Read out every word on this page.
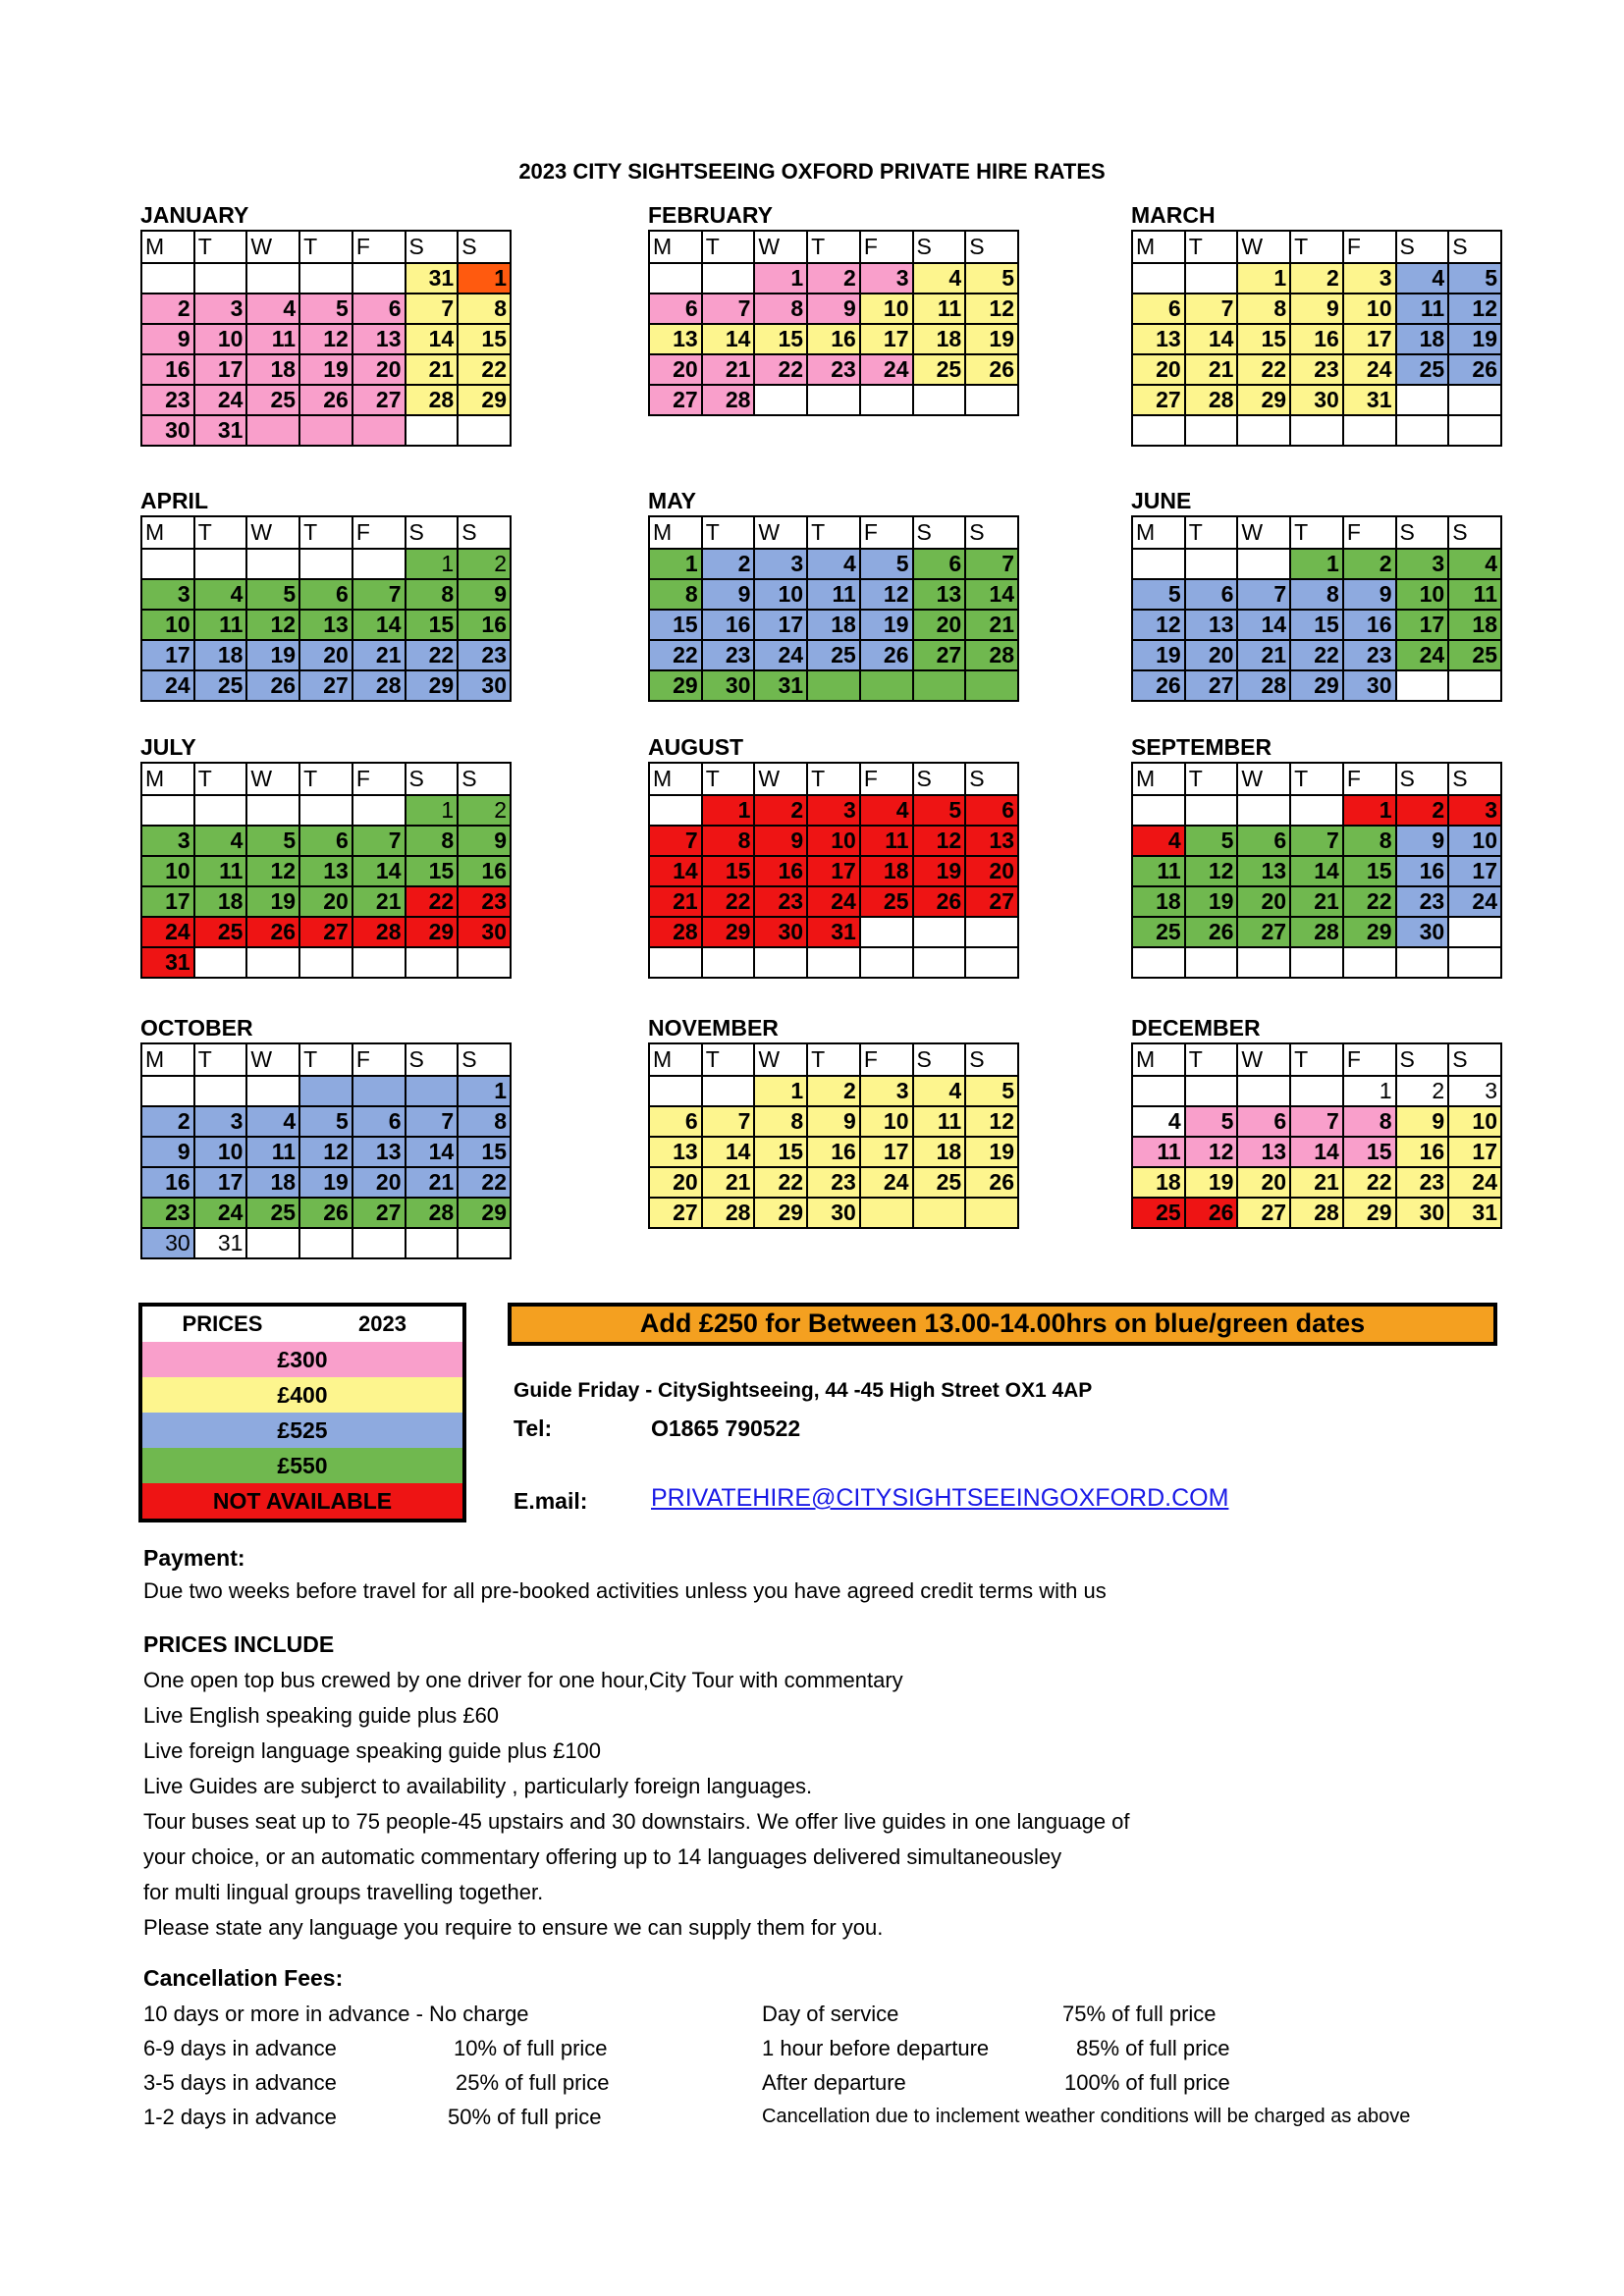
2023 CITY SIGHTSEEING OXFORD PRIVATE HIRE RATES
JANUARY
M	T	W	T	F	S	S
					31	1
2	3	4	5	6	7	8
9	10	11	12	13	14	15
16	17	18	19	20	21	22
23	24	25	26	27	28	29
30	31					
FEBRUARY
M	T	W	T	F	S	S
		1	2	3	4	5
6	7	8	9	10	11	12
13	14	15	16	17	18	19
20	21	22	23	24	25	26
27	28					
MARCH
M	T	W	T	F	S	S
		1	2	3	4	5
6	7	8	9	10	11	12
13	14	15	16	17	18	19
20	21	22	23	24	25	26
27	28	29	30	31		

APRIL
M	T	W	T	F	S	S
					1	2
3	4	5	6	7	8	9
10	11	12	13	14	15	16
17	18	19	20	21	22	23
24	25	26	27	28	29	30
MAY
M	T	W	T	F	S	S
1	2	3	4	5	6	7
8	9	10	11	12	13	14
15	16	17	18	19	20	21
22	23	24	25	26	27	28
29	30	31				
JUNE
M	T	W	T	F	S	S
			1	2	3	4
5	6	7	8	9	10	11
12	13	14	15	16	17	18
19	20	21	22	23	24	25
26	27	28	29	30		
JULY
M	T	W	T	F	S	S
					1	2
3	4	5	6	7	8	9
10	11	12	13	14	15	16
17	18	19	20	21	22	23
24	25	26	27	28	29	30
31						
AUGUST
M	T	W	T	F	S	S
	1	2	3	4	5	6
7	8	9	10	11	12	13
14	15	16	17	18	19	20
21	22	23	24	25	26	27
28	29	30	31			

SEPTEMBER
M	T	W	T	F	S	S
				1	2	3
4	5	6	7	8	9	10
11	12	13	14	15	16	17
18	19	20	21	22	23	24
25	26	27	28	29	30	

OCTOBER
M	T	W	T	F	S	S
						1
2	3	4	5	6	7	8
9	10	11	12	13	14	15
16	17	18	19	20	21	22
23	24	25	26	27	28	29
30	31					
NOVEMBER
M	T	W	T	F	S	S
		1	2	3	4	5
6	7	8	9	10	11	12
13	14	15	16	17	18	19
20	21	22	23	24	25	26
27	28	29	30			
DECEMBER
M	T	W	T	F	S	S
				1	2	3
4	5	6	7	8	9	10
11	12	13	14	15	16	17
18	19	20	21	22	23	24
25	26	27	28	29	30	31
PRICES	2023
£300
£400
£525
£550
NOT AVAILABLE
Add £250 for Between 13.00-14.00hrs on blue/green dates
Guide Friday - CitySightseeing, 44 -45 High Street OX1 4AP
Tel:	O1865 790522
E.mail:	PRIVATEHIRE@CITYSIGHTSEEINGOXFORD.COM
Payment:
Due two weeks before travel for all pre-booked activities unless you have agreed credit terms with us
PRICES INCLUDE
One open top bus crewed by one driver for one hour,City Tour with commentary
Live English speaking guide plus £60
Live foreign language speaking guide plus £100
Live Guides are subjerct to availability , particularly foreign languages.
Tour buses seat up to 75 people-45 upstairs and 30 downstairs. We offer live guides in one language of
your choice, or an automatic commentary offering up to 14 languages delivered simultaneousley
for multi lingual groups travelling together.
Please state any language you require to ensure we can supply them for you.
Cancellation Fees:
10 days or more in advance - No charge
6-9 days in advance	10% of full price
3-5 days in advance	25% of full price
1-2 days in advance	50% of full price
Day of service	75% of full price
1 hour before departure	85% of full price
After departure	100% of full price
Cancellation due to inclement weather conditions will be charged as above
